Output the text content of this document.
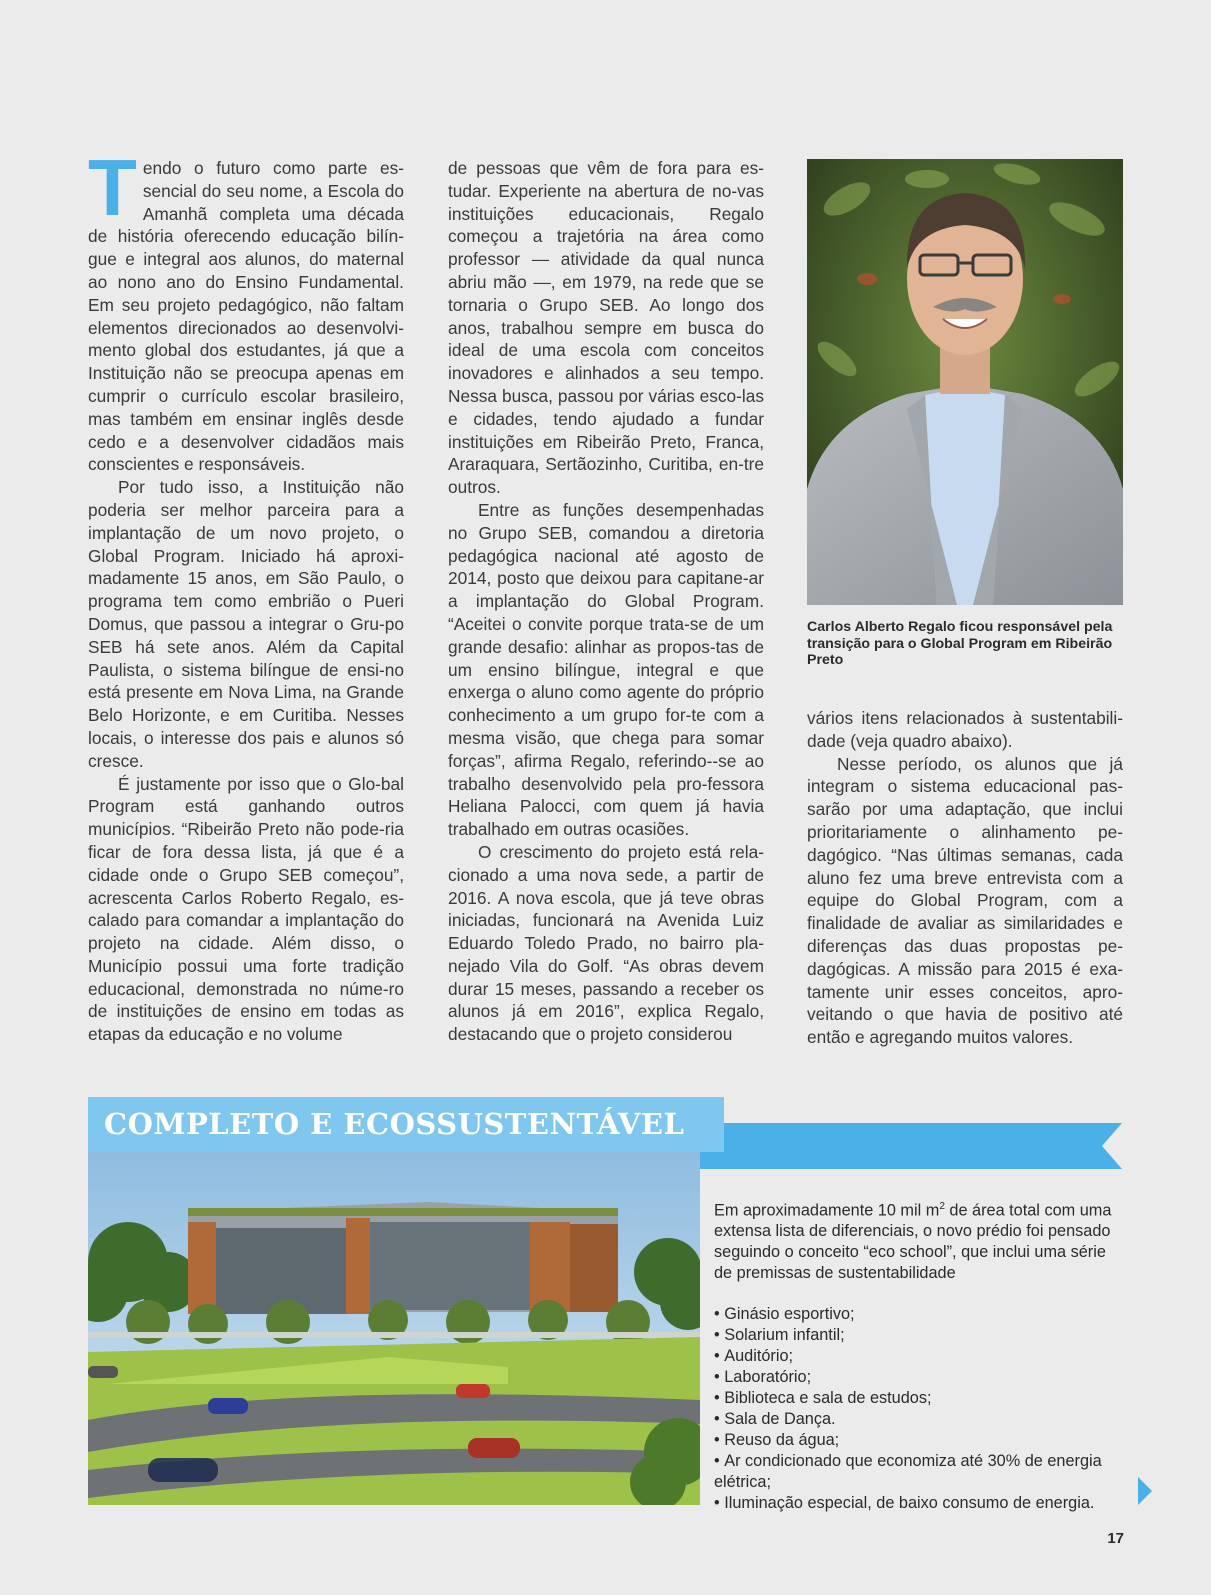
Tendo o futuro como parte es-sencial do seu nome, a Escola do Amanhã completa uma década de história oferecendo educação bilín-gue e integral aos alunos, do maternal ao nono ano do Ensino Fundamental. Em seu projeto pedagógico, não faltam elementos direcionados ao desenvolvi-mento global dos estudantes, já que a Instituição não se preocupa apenas em cumprir o currículo escolar brasileiro, mas também em ensinar inglês desde cedo e a desenvolver cidadãos mais conscientes e responsáveis.

Por tudo isso, a Instituição não poderia ser melhor parceira para a implantação de um novo projeto, o Global Program. Iniciado há aproxi-madamente 15 anos, em São Paulo, o programa tem como embrião o Pueri Domus, que passou a integrar o Gru-po SEB há sete anos. Além da Capital Paulista, o sistema bilíngue de ensi-no está presente em Nova Lima, na Grande Belo Horizonte, e em Curitiba. Nesses locais, o interesse dos pais e alunos só cresce.

É justamente por isso que o Glo-bal Program está ganhando outros municípios. “Ribeirão Preto não pode-ria ficar de fora dessa lista, já que é a cidade onde o Grupo SEB começou”, acrescenta Carlos Roberto Regalo, es-calado para comandar a implantação do projeto na cidade. Além disso, o Município possui uma forte tradição educacional, demonstrada no núme-ro de instituições de ensino em todas as etapas da educação e no volume

de pessoas que vêm de fora para es-tudar. Experiente na abertura de no-vas instituições educacionais, Regalo começou a trajetória na área como professor — atividade da qual nunca abriu mão —, em 1979, na rede que se tornaria o Grupo SEB. Ao longo dos anos, trabalhou sempre em busca do ideal de uma escola com conceitos inovadores e alinhados a seu tempo. Nessa busca, passou por várias esco-las e cidades, tendo ajudado a fundar instituições em Ribeirão Preto, Franca, Araraquara, Sertãozinho, Curitiba, en-tre outros.

Entre as funções desempenhadas no Grupo SEB, comandou a diretoria pedagógica nacional até agosto de 2014, posto que deixou para capitane-ar a implantação do Global Program. “Aceitei o convite porque trata-se de um grande desafio: alinhar as propos-tas de um ensino bilíngue, integral e que enxerga o aluno como agente do próprio conhecimento a um grupo for-te com a mesma visão, que chega para somar forças”, afirma Regalo, referindo--se ao trabalho desenvolvido pela pro-fessora Heliana Palocci, com quem já havia trabalhado em outras ocasiões.

O crescimento do projeto está rela-cionado a uma nova sede, a partir de 2016. A nova escola, que já teve obras iniciadas, funcionará na Avenida Luiz Eduardo Toledo Prado, no bairro pla-nejado Vila do Golf. “As obras devem durar 15 meses, passando a receber os alunos já em 2016”, explica Regalo, destacando que o projeto considerou

Carlos Alberto Regalo ficou responsável pela transição para o Global Program em Ribeirão Preto

vários itens relacionados à sustentabili-dade (veja quadro abaixo).

Nesse período, os alunos que já integram o sistema educacional pas-sarão por uma adaptação, que inclui prioritariamente o alinhamento pe-dagógico. “Nas últimas semanas, cada aluno fez uma breve entrevista com a equipe do Global Program, com a finalidade de avaliar as similaridades e diferenças das duas propostas pe-dagógicas. A missão para 2015 é exa-tamente unir esses conceitos, apro-veitando o que havia de positivo até então e agregando muitos valores.

COMPLETO E ECOSSUSTENTÁVEL
Em aproximadamente 10 mil $m^2$ de área total com uma extensa lista de diferenciais, o novo prédio foi pensado seguindo o conceito “eco school”, que inclui uma série de premissas de sustentabilidade
• Ginásio esportivo;
• Solarium infantil;
• Auditório;
• Laboratório;
• Biblioteca e sala de estudos;
• Sala de Dança.
• Reuso da água;
• Ar condicionado que economiza até 30% de energia elétrica;
• Iluminação especial, de baixo consumo de energia.
17
